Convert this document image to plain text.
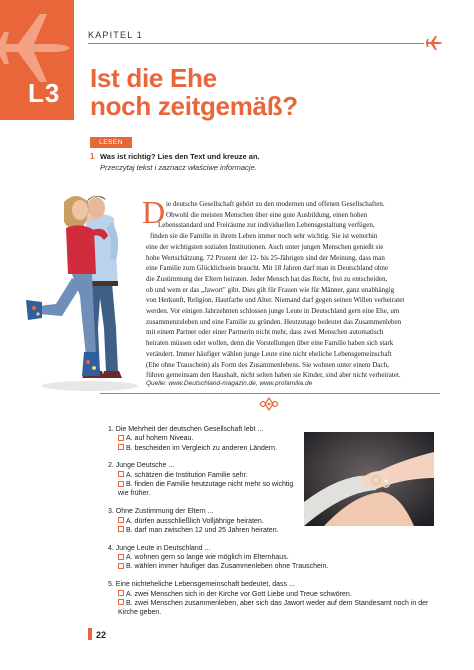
L3
KAPITEL 1
Ist die Ehe
noch zeitgemäß?
LESEN
1 Was ist richtig? Lies den Text und kreuze an.
Przeczytaj tekst i zaznacz właściwe informacje.
D ie deutsche Gesellschaft gehört zu den modernen und offenen Gesellschaften.
Obwohl die meisten Menschen über eine gute Ausbildung, einen hohen
Lebensstandard und Freiräume zur individuellen Lebensgestaltung verfügen,
finden sie die Familie in ihrem Leben immer noch sehr wichtig. Sie ist weiterhin
eine der wichtigsten sozialen Institutionen. Auch unter jungen Menschen genießt sie
hohe Wertschätzung. 72 Prozent der 12- bis 25-Jährigen sind der Meinung, dass man
eine Familie zum Glücklichsein braucht. Mit 18 Jahren darf man in Deutschland ohne
die Zustimmung der Eltern heiraten. Jeder Mensch hat das Recht, frei zu entscheiden,
ob und wem er das „Jawort" gibt. Dies gilt für Frauen wie für Männer, ganz unabhängig
von Herkunft, Religion, Hautfarbe und Alter. Niemand darf gegen seinen Willen verheiratet
werden. Vor einigen Jahrzehnten schlossen junge Leute in Deutschland gern eine Ehe, um
zusammenzuleben und eine Familie zu gründen. Heutzutage bedeutet das Zusammenleben
mit einem Partner oder einer Partnerin nicht mehr, dass zwei Menschen automatisch
heiraten müssen oder wollen, denn die Vorstellungen über eine Familie haben sich stark
verändert. Immer häufiger wählen junge Leute eine nicht eheliche Lebensgemeinschaft
(Ehe ohne Trauschein) als Form des Zusammenlebens. Sie wohnen unter einem Dach,
führen gemeinsam den Haushalt, nicht selten haben sie Kinder, sind aber nicht verheiratet.
Quelle: www.Deutschland-magazin.de, www.profamilia.de
1. Die Mehrheit der deutschen Gesellschaft lebt ...
A. auf hohem Niveau.
B. bescheiden im Vergleich zu anderen Ländern.
2. Junge Deutsche ...
A. schätzen die Institution Familie sehr.
B. finden die Familie heutzutage nicht mehr so wichtig wie früher.
3. Ohne Zustimmung der Eltern ...
A. dürfen ausschließlich Volljährige heiraten.
B. darf man zwischen 12 und 25 Jahren heiraten.
4. Junge Leute in Deutschland ...
A. wohnen gern so lange wie möglich im Elternhaus.
B. wählen immer häufiger das Zusammenleben ohne Trauschein.
5. Eine nichteheliche Lebensgemeinschaft bedeutet, dass ...
A. zwei Menschen sich in der Kirche vor Gott Liebe und Treue schwören.
B. zwei Menschen zusammenleben, aber sich das Jawort weder auf dem Standesamt noch in der Kirche geben.
22
